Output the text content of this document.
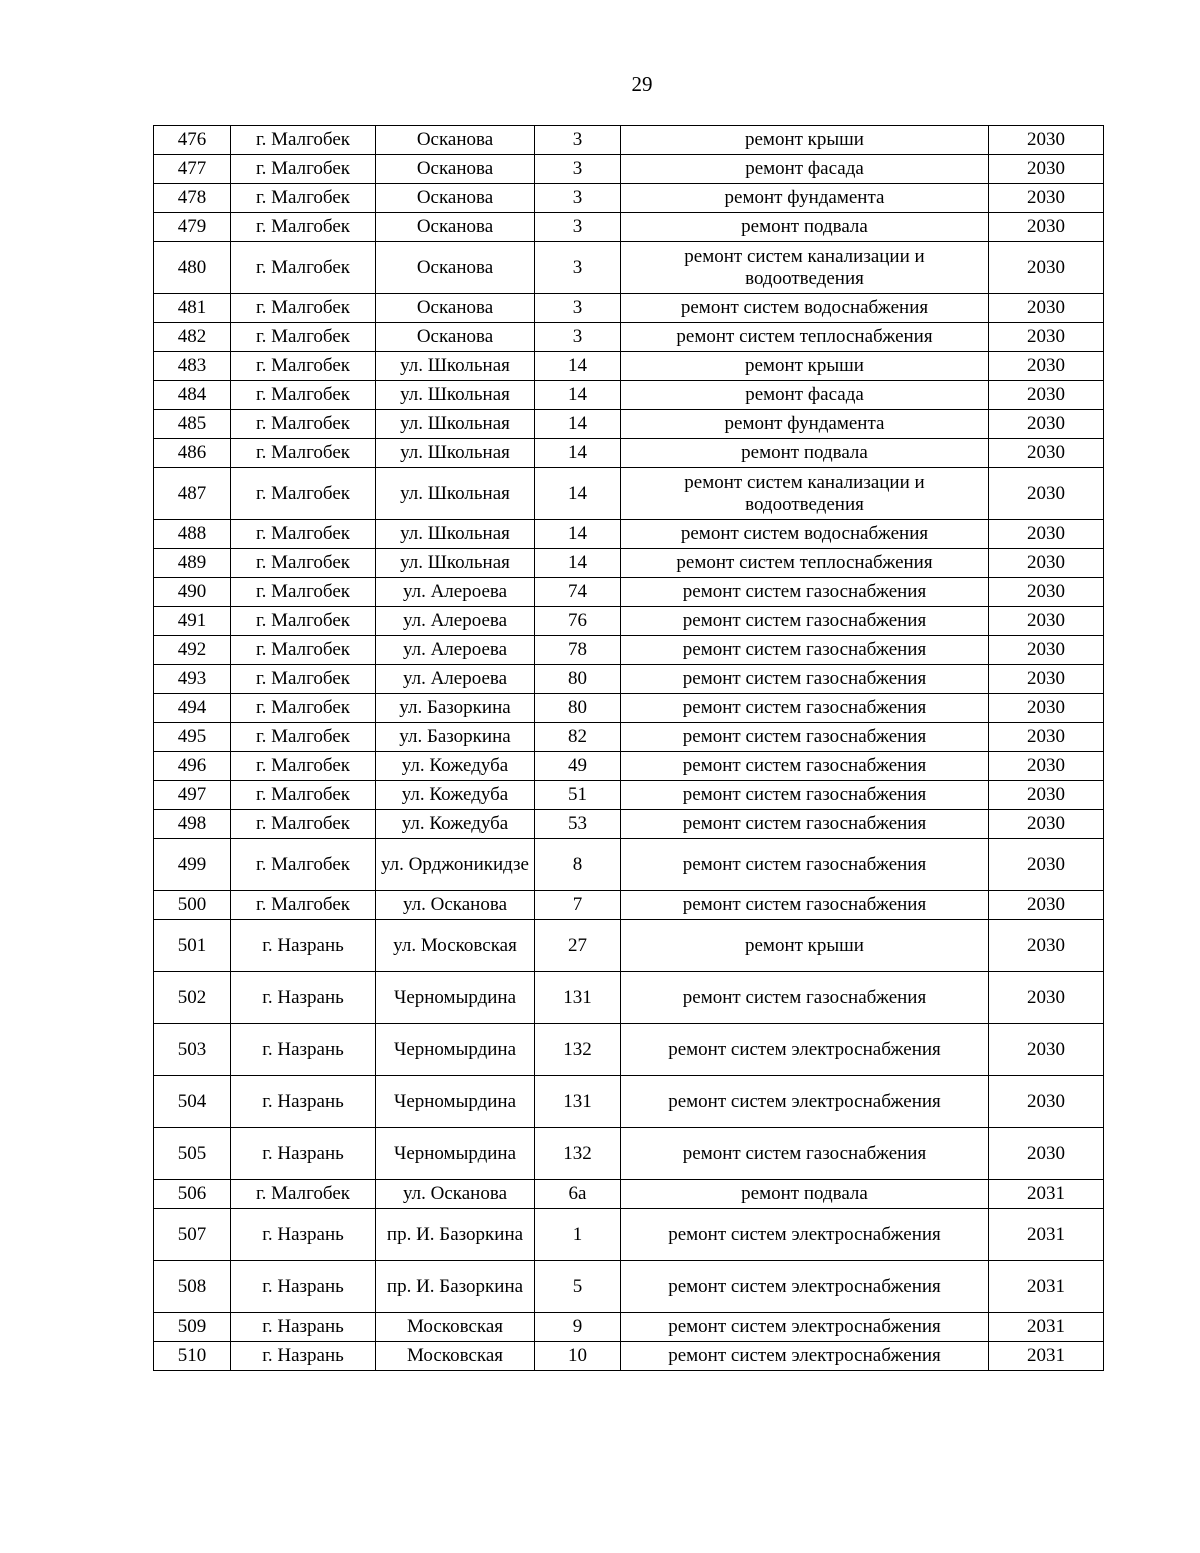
29
476	г. Малгобек	Осканова	3	ремонт крыши	2030
477	г. Малгобек	Осканова	3	ремонт фасада	2030
478	г. Малгобек	Осканова	3	ремонт фундамента	2030
479	г. Малгобек	Осканова	3	ремонт подвала	2030
480	г. Малгобек	Осканова	3	ремонт систем канализации и водоотведения	2030
481	г. Малгобек	Осканова	3	ремонт систем водоснабжения	2030
482	г. Малгобек	Осканова	3	ремонт систем теплоснабжения	2030
483	г. Малгобек	ул. Школьная	14	ремонт крыши	2030
484	г. Малгобек	ул. Школьная	14	ремонт фасада	2030
485	г. Малгобек	ул. Школьная	14	ремонт фундамента	2030
486	г. Малгобек	ул. Школьная	14	ремонт подвала	2030
487	г. Малгобек	ул. Школьная	14	ремонт систем канализации и водоотведения	2030
488	г. Малгобек	ул. Школьная	14	ремонт систем водоснабжения	2030
489	г. Малгобек	ул. Школьная	14	ремонт систем теплоснабжения	2030
490	г. Малгобек	ул. Алероева	74	ремонт систем газоснабжения	2030
491	г. Малгобек	ул. Алероева	76	ремонт систем газоснабжения	2030
492	г. Малгобек	ул. Алероева	78	ремонт систем газоснабжения	2030
493	г. Малгобек	ул. Алероева	80	ремонт систем газоснабжения	2030
494	г. Малгобек	ул. Базоркина	80	ремонт систем газоснабжения	2030
495	г. Малгобек	ул. Базоркина	82	ремонт систем газоснабжения	2030
496	г. Малгобек	ул. Кожедуба	49	ремонт систем газоснабжения	2030
497	г. Малгобек	ул. Кожедуба	51	ремонт систем газоснабжения	2030
498	г. Малгобек	ул. Кожедуба	53	ремонт систем газоснабжения	2030
499	г. Малгобек	ул. Орджоникидзе	8	ремонт систем газоснабжения	2030
500	г. Малгобек	ул. Осканова	7	ремонт систем газоснабжения	2030
501	г. Назрань	ул. Московская	27	ремонт крыши	2030
502	г. Назрань	Черномырдина	131	ремонт систем газоснабжения	2030
503	г. Назрань	Черномырдина	132	ремонт систем электроснабжения	2030
504	г. Назрань	Черномырдина	131	ремонт систем электроснабжения	2030
505	г. Назрань	Черномырдина	132	ремонт систем газоснабжения	2030
506	г. Малгобек	ул. Осканова	6а	ремонт подвала	2031
507	г. Назрань	пр. И. Базоркина	1	ремонт систем электроснабжения	2031
508	г. Назрань	пр. И. Базоркина	5	ремонт систем электроснабжения	2031
509	г. Назрань	Московская	9	ремонт систем электроснабжения	2031
510	г. Назрань	Московская	10	ремонт систем электроснабжения	2031
